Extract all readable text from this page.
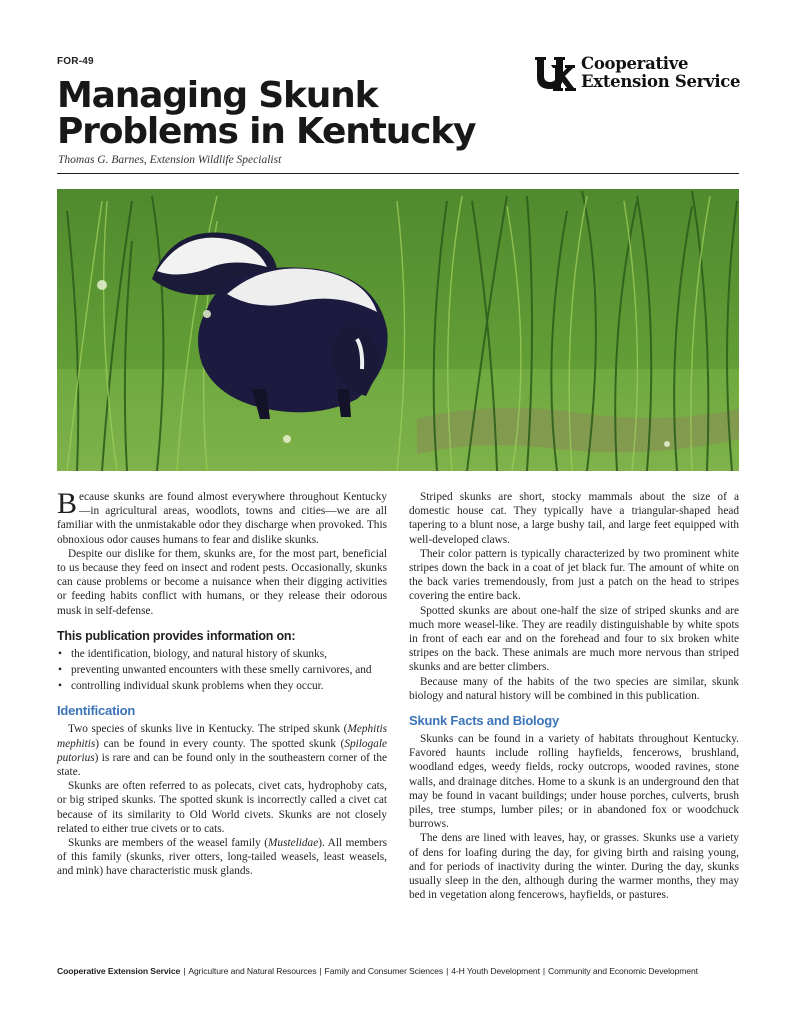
FOR-49
Managing Skunk
Problems in Kentucky
Thomas G. Barnes, Extension Wildlife Specialist
Cooperative
Extension Service

Because skunks are found almost everywhere throughout Kentucky—in agricultural areas, woodlots, towns and cities—we are all familiar with the unmistakable odor they discharge when provoked. This obnoxious odor causes humans to fear and dislike skunks.

Despite our dislike for them, skunks are, for the most part, beneficial to us because they feed on insect and rodent pests. Occasionally, skunks can cause problems or become a nuisance when their digging activities or feeding habits conflict with humans, or they release their odorous musk in self-defense.

This publication provides information on:
• the identification, biology, and natural history of skunks,
• preventing unwanted encounters with these smelly carnivores, and
• controlling individual skunk problems when they occur.
Identification

Two species of skunks live in Kentucky. The striped skunk (Mephitis mephitis) can be found in every county. The spotted skunk (Spilogale putorius) is rare and can be found only in the southeastern corner of the state.

Skunks are often referred to as polecats, civet cats, hydrophoby cats, or big striped skunks. The spotted skunk is incorrectly called a civet cat because of its similarity to Old World civets. Skunks are not closely related to either true civets or to cats.

Skunks are members of the weasel family (Mustelidae). All members of this family (skunks, river otters, long-tailed weasels, least weasels, and mink) have characteristic musk glands.

Striped skunks are short, stocky mammals about the size of a domestic house cat. They typically have a triangular-shaped head tapering to a blunt nose, a large bushy tail, and large feet equipped with well-developed claws.

Their color pattern is typically characterized by two prominent white stripes down the back in a coat of jet black fur. The amount of white on the back varies tremendously, from just a patch on the head to stripes covering the entire back.

Spotted skunks are about one-half the size of striped skunks and are much more weasel-like. They are readily distinguishable by white spots in front of each ear and on the forehead and four to six broken white stripes on the back. These animals are much more nervous than striped skunks and are better climbers.

Because many of the habits of the two species are similar, skunk biology and natural history will be combined in this publication.

Skunk Facts and Biology

Skunks can be found in a variety of habitats throughout Kentucky. Favored haunts include rolling hayfields, fencerows, brushland, woodland edges, weedy fields, rocky outcrops, wooded ravines, stone walls, and drainage ditches. Home to a skunk is an underground den that may be found in vacant buildings; under house porches, culverts, brush piles, tree stumps, lumber piles; or in abandoned fox or woodchuck burrows.

The dens are lined with leaves, hay, or grasses. Skunks use a variety of dens for loafing during the day, for giving birth and raising young, and for periods of inactivity during the winter. During the day, skunks usually sleep in the den, although during the warmer months, they may bed in vegetation along fencerows, hayfields, or pastures.

Cooperative Extension Service | Agriculture and Natural Resources | Family and Consumer Sciences | 4-H Youth Development | Community and Economic Development
